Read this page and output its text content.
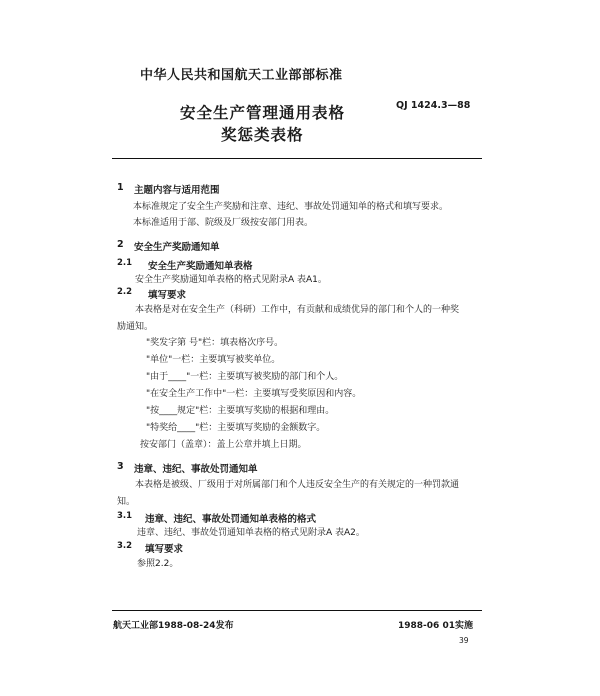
中华人民共和国航天工业部部标准
安全生产管理通用表格	QJ 1424.3—88
奖惩类表格
1 主题内容与适用范围
本标准规定了安全生产奖励和注章、违纪、事故处罚通知单的格式和填写要求。
本标准适用于部、院级及厂级按安部门用表。
2 安全生产奖励通知单
2.1 安全生产奖励通知单表格
安全生产奖励通知单表格的格式见附录A 表A1。
2.2 填写要求
本表格是对在安全生产（科研）工作中，有贡献和成绩优异的部门和个人的一种奖
励通知。
"奖发字第 号"栏：填表格次序号。
"单位"一栏：主要填写被奖单位。
"由于____"一栏：主要填写被奖励的部门和个人。
"在安全生产工作中"一栏：主要填写受奖原因和内容。
"按____规定"栏：主要填写奖励的根据和理由。
"特奖给____"栏：主要填写奖励的金额数字。
按安部门（盖章）：盖上公章并填上日期。
3 违章、违纪、事故处罚通知单
本表格是被级、厂级用于对所属部门和个人违反安全生产的有关规定的一种罚款通
知。
3.1 违章、违纪、事故处罚通知单表格的格式
违章、违纪、事故处罚通知单表格的格式见附录A 表A2。
3.2 填写要求
参照2.2。
航天工业部1988-08-24发布	1988-06 01实施
39
